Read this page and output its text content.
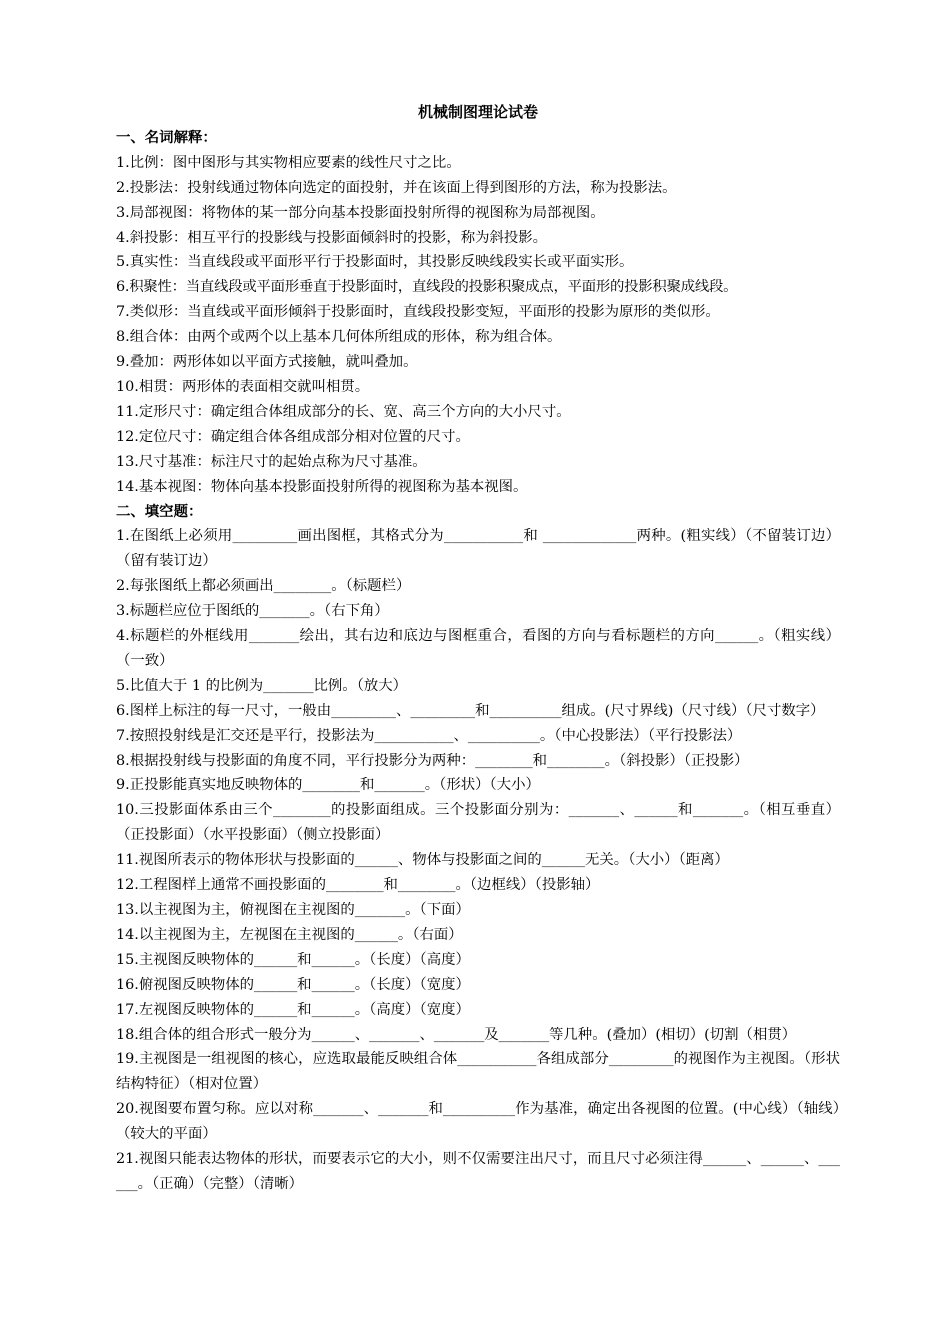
机械制图理论试卷
一、名词解释：
1.比例：图中图形与其实物相应要素的线性尺寸之比。
2.投影法：投射线通过物体向选定的面投射，并在该面上得到图形的方法，称为投影法。
3.局部视图：将物体的某一部分向基本投影面投射所得的视图称为局部视图。
4.斜投影：相互平行的投影线与投影面倾斜时的投影，称为斜投影。
5.真实性：当直线段或平面形平行于投影面时，其投影反映线段实长或平面实形。
6.积聚性：当直线段或平面形垂直于投影面时，直线段的投影积聚成点，平面形的投影积聚成线段。
7.类似形：当直线或平面形倾斜于投影面时，直线段投影变短，平面形的投影为原形的类似形。
8.组合体：由两个或两个以上基本几何体所组成的形体，称为组合体。
9.叠加：两形体如以平面方式接触，就叫叠加。
10.相贯：两形体的表面相交就叫相贯。
11.定形尺寸：确定组合体组成部分的长、宽、高三个方向的大小尺寸。
12.定位尺寸：确定组合体各组成部分相对位置的尺寸。
13.尺寸基准：标注尺寸的起始点称为尺寸基准。
14.基本视图：物体向基本投影面投射所得的视图称为基本视图。
二、填空题：
1.在图纸上必须用_________画出图框，其格式分为___________和 _____________两种。(粗实线）（不留装订边）（留有装订边）
2.每张图纸上都必须画出________。（标题栏）
3.标题栏应位于图纸的_______。（右下角）
4.标题栏的外框线用_______绘出，其右边和底边与图框重合，看图的方向与看标题栏的方向______。（粗实线）（一致）
5.比值大于 1 的比例为_______比例。（放大）
6.图样上标注的每一尺寸，一般由_________、_________和__________组成。(尺寸界线)（尺寸线）（尺寸数字）
7.按照投射线是汇交还是平行，投影法为___________、__________。（中心投影法）（平行投影法）
8.根据投射线与投影面的角度不同，平行投影分为两种：________和________。（斜投影）（正投影）
9.正投影能真实地反映物体的________和_______。（形状）（大小）
10.三投影面体系由三个________的投影面组成。三个投影面分别为：_______、______和_______。（相互垂直）（正投影面）（水平投影面）（侧立投影面）
11.视图所表示的物体形状与投影面的______、物体与投影面之间的______无关。（大小）（距离）
12.工程图样上通常不画投影面的________和________。（边框线）（投影轴）
13.以主视图为主，俯视图在主视图的_______。（下面）
14.以主视图为主，左视图在主视图的______。（右面）
15.主视图反映物体的______和______。（长度）（高度）
16.俯视图反映物体的______和______。（长度）（宽度）
17.左视图反映物体的______和______。（高度）（宽度）
18.组合体的组合形式一般分为______、_______、_______及_______等几种。(叠加）(相切）(切割（相贯）
19.主视图是一组视图的核心，应选取最能反映组合体___________各组成部分_________的视图作为主视图。（形状结构特征）（相对位置）
20.视图要布置匀称。应以对称_______、_______和__________作为基准，确定出各视图的位置。(中心线）（轴线）（较大的平面）
21.视图只能表达物体的形状，而要表示它的大小，则不仅需要注出尺寸，而且尺寸必须注得______、______、______。（正确）（完整）（清晰）
